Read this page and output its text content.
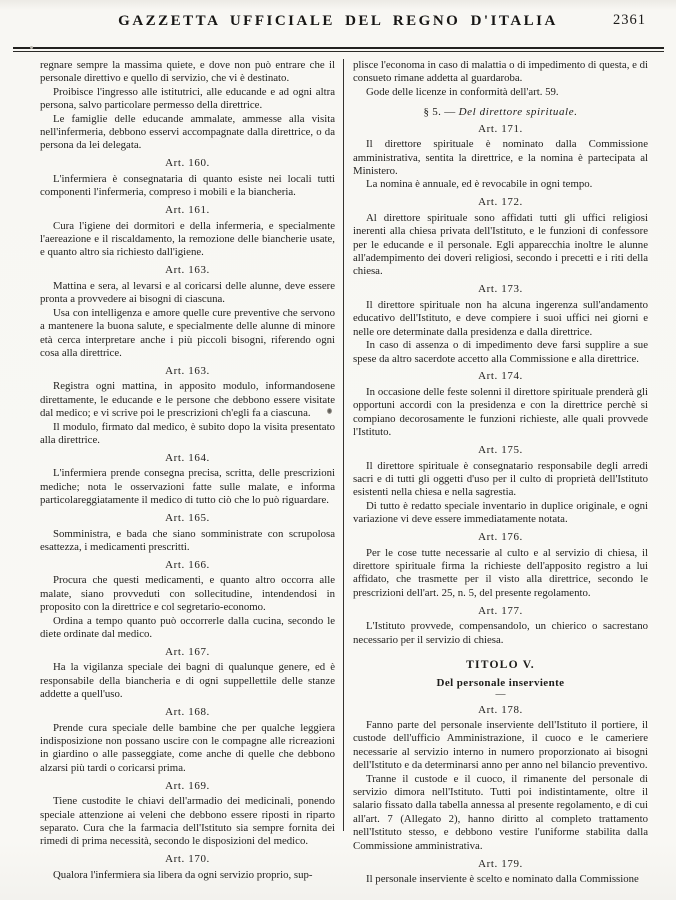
GAZZETTA UFFICIALE DEL REGNO D'ITALIA	2361

regnare sempre la massima quiete, e dove non può entrare che il personale direttivo e quello di servizio, che vi è destinato.

Proibisce l'ingresso alle istitutrici, alle educande e ad ogni altra persona, salvo particolare permesso della direttrice.

Le famiglie delle educande ammalate, ammesse alla visita nell'infermeria, debbono esservi accompagnate dalla direttrice, o da persona da lei delegata.

Art. 160.

L'infermiera è consegnataria di quanto esiste nei locali tutti componenti l'infermeria, compreso i mobili e la biancheria.

Art. 161.

Cura l'igiene dei dormitori e della infermeria, e specialmente l'aereazione e il riscaldamento, la remozione delle biancherie usate, e quanto altro sia richiesto dall'igiene.

Art. 163.

Mattina e sera, al levarsi e al coricarsi delle alunne, deve essere pronta a provvedere ai bisogni di ciascuna.

Usa con intelligenza e amore quelle cure preventive che servono a mantenere la buona salute, e specialmente delle alunne di minore età cerca interpretare anche i più piccoli bisogni, riferendo ogni cosa alla direttrice.

Art. 163.

Registra ogni mattina, in apposito modulo, informandosene direttamente, le educande e le persone che debbono essere visitate dal medico; e vi scrive poi le prescrizioni ch'egli fa a ciascuna.

Il modulo, firmato dal medico, è subito dopo la visita presentato alla direttrice.

Art. 164.

L'infermiera prende consegna precisa, scritta, delle prescrizioni mediche; nota le osservazioni fatte sulle malate, e informa particolareggiatamente il medico di tutto ciò che lo può riguardare.

Art. 165.

Somministra, e bada che siano somministrate con scrupolosa esattezza, i medicamenti prescritti.

Art. 166.

Procura che questi medicamenti, e quanto altro occorra alle malate, siano provveduti con sollecitudine, intendendosi in proposito con la direttrice e col segretario-economo.

Ordina a tempo quanto può occorrerle dalla cucina, secondo le diete ordinate dal medico.

Art. 167.

Ha la vigilanza speciale dei bagni di qualunque genere, ed è responsabile della biancheria e di ogni suppellettile delle stanze addette a quell'uso.

Art. 168.

Prende cura speciale delle bambine che per qualche leggiera indisposizione non possano uscire con le compagne alle ricreazioni in giardino o alle passeggiate, come anche di quelle che debbono alzarsi più tardi o coricarsi prima.

Art. 169.

Tiene custodite le chiavi dell'armadio dei medicinali, ponendo speciale attenzione ai veleni che debbono essere riposti in riparto separato. Cura che la farmacia dell'Istituto sia sempre fornita dei rimedi di prima necessità, secondo le disposizioni del medico.

Art. 170.

Qualora l'infermiera sia libera da ogni servizio proprio, sup-

plisce l'economa in caso di malattia o di impedimento di questa, e di consueto rimane addetta al guardaroba.

Gode delle licenze in conformità dell'art. 59.

§ 5. — Del direttore spirituale.
Art. 171.

Il direttore spirituale è nominato dalla Commissione amministrativa, sentita la direttrice, e la nomina è partecipata al Ministero.

La nomina è annuale, ed è revocabile in ogni tempo.

Art. 172.

Al direttore spirituale sono affidati tutti gli uffici religiosi inerenti alla chiesa privata dell'Istituto, e le funzioni di confessore per le educande e il personale. Egli apparecchia inoltre le alunne all'adempimento dei doveri religiosi, secondo i precetti e i riti della chiesa.

Art. 173.

Il direttore spirituale non ha alcuna ingerenza sull'andamento educativo dell'Istituto, e deve compiere i suoi uffici nei giorni e nelle ore determinate dalla presidenza e dalla direttrice.

In caso di assenza o di impedimento deve farsi supplire a sue spese da altro sacerdote accetto alla Commissione e alla direttrice.

Art. 174.

In occasione delle feste solenni il direttore spirituale prenderà gli opportuni accordi con la presidenza e con la direttrice perchè si compiano decorosamente le funzioni richieste, alle quali provvede l'Istituto.

Art. 175.

Il direttore spirituale è consegnatario responsabile degli arredi sacri e di tutti gli oggetti d'uso per il culto di proprietà dell'Istituto esistenti nella chiesa e nella sagrestia.

Di tutto è redatto speciale inventario in duplice originale, e ogni variazione vi deve essere immediatamente notata.

Art. 176.

Per le cose tutte necessarie al culto e al servizio di chiesa, il direttore spirituale firma la richieste dell'apposito registro a lui affidato, che trasmette per il visto alla direttrice, secondo le prescrizioni dell'art. 25, n. 5, del presente regolamento.

Art. 177.

L'Istituto provvede, compensandolo, un chierico o sacrestano necessario per il servizio di chiesa.

TITOLO V.
Del personale inserviente
—
Art. 178.

Fanno parte del personale inserviente dell'Istituto il portiere, il custode dell'ufficio Amministrazione, il cuoco e le cameriere necessarie al servizio interno in numero proporzionato ai bisogni dell'Istituto e da determinarsi anno per anno nel bilancio preventivo.

Tranne il custode e il cuoco, il rimanente del personale di servizio dimora nell'Istituto. Tutti poi indistintamente, oltre il salario fissato dalla tabella annessa al presente regolamento, e di cui all'art. 7 (Allegato 2), hanno diritto al completo trattamento nell'Istituto stesso, e debbono vestire l'uniforme stabilita dalla Commissione amministrativa.

Art. 179.

Il personale inserviente è scelto e nominato dalla Commissione
